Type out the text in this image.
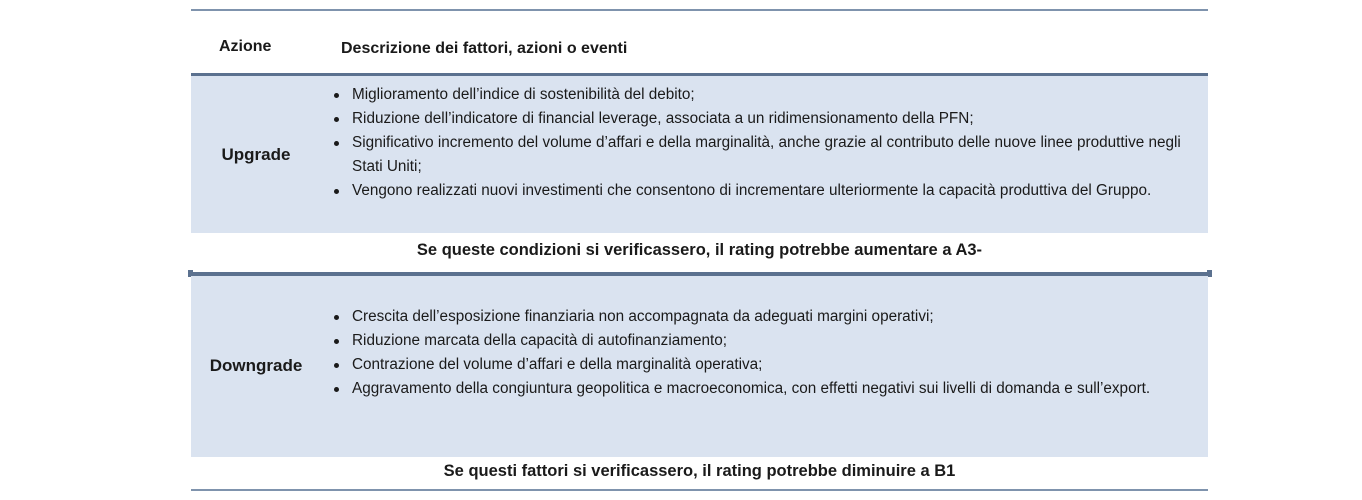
Azione	Descrizione dei fattori, azioni o eventi
Upgrade
Miglioramento dell’indice di sostenibilità del debito;
Riduzione dell’indicatore di financial leverage, associata a un ridimensionamento della PFN;
Significativo incremento del volume d’affari e della marginalità, anche grazie al contributo delle nuove linee produttive negli Stati Uniti;
Vengono realizzati nuovi investimenti che consentono di incrementare ulteriormente la capacità produttiva del Gruppo.
Se queste condizioni si verificassero, il rating potrebbe aumentare a A3-
Downgrade
Crescita dell’esposizione finanziaria non accompagnata da adeguati margini operativi;
Riduzione marcata della capacità di autofinanziamento;
Contrazione del volume d’affari e della marginalità operativa;
Aggravamento della congiuntura geopolitica e macroeconomica, con effetti negativi sui livelli di domanda e sull’export.
Se questi fattori si verificassero, il rating potrebbe diminuire a B1
